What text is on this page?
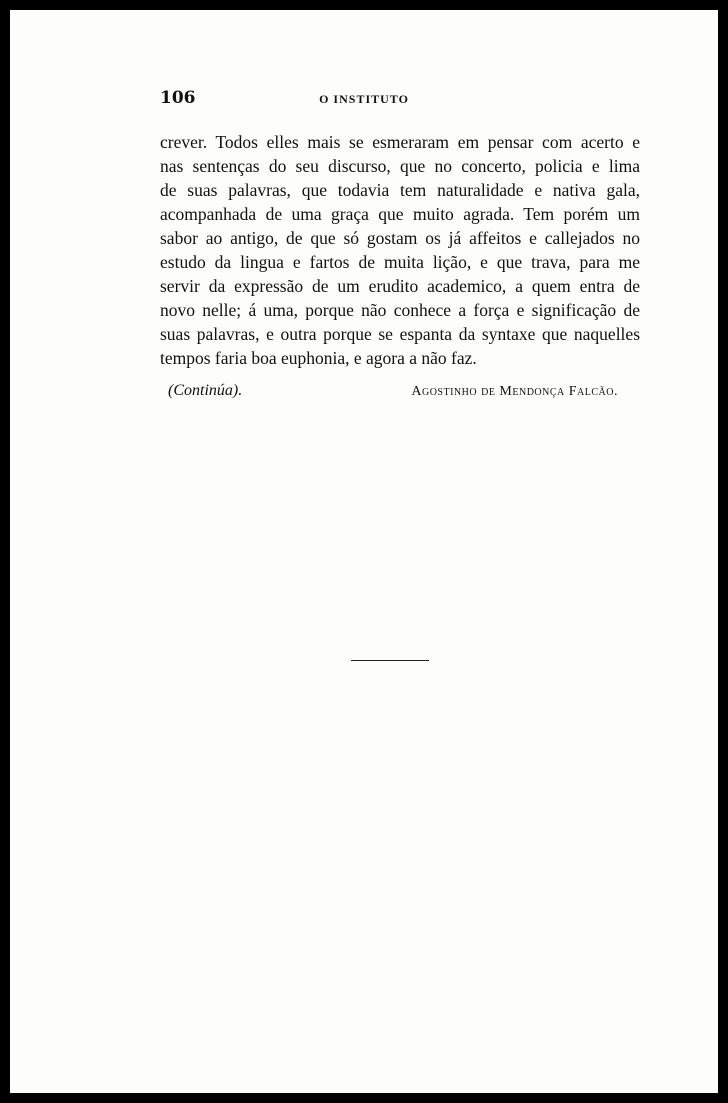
106	O INSTITUTO
crever. Todos elles mais se esmeraram em pensar com acerto e
nas sentenças do seu discurso, que no concerto, policia e lima
de suas palavras, que todavia tem naturalidade e nativa gala,
acompanhada de uma graça que muito agrada. Tem porém um
sabor ao antigo, de que só gostam os já affeitos e callejados no
estudo da lingua e fartos de muita lição, e que trava, para me
servir da expressão de um erudito academico, a quem entra de
novo nelle; á uma, porque não conhece a força e significação de
suas palavras, e outra porque se espanta da syntaxe que naquelles
tempos faria boa euphonia, e agora a não faz.
(Continúa).	Agostinho de Mendonça Falcão.
